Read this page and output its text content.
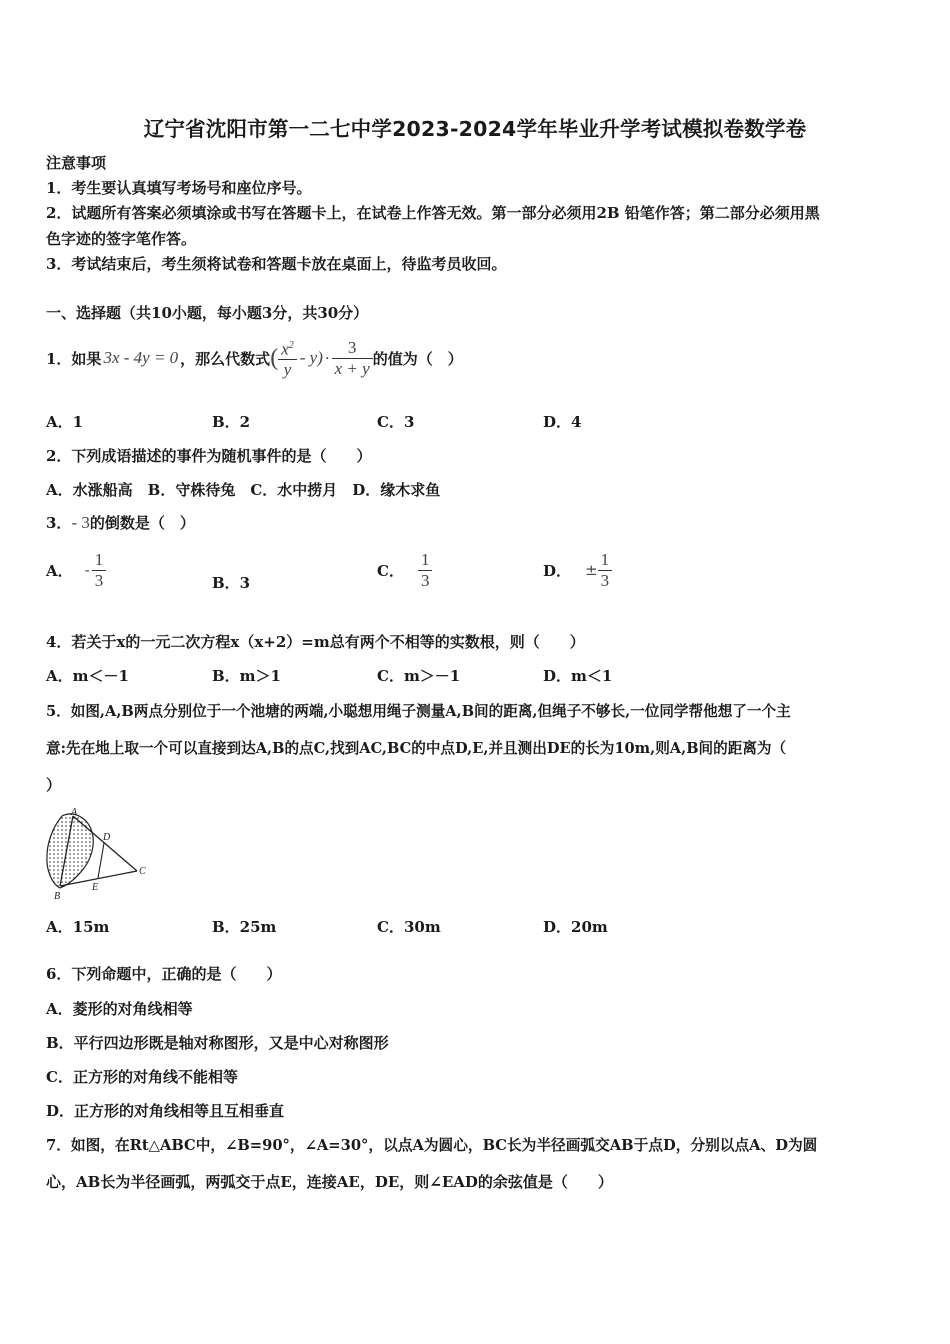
辽宁省沈阳市第一二七中学2023-2024学年毕业升学考试模拟卷数学卷
注意事项
1．考生要认真填写考场号和座位序号。
2．试题所有答案必须填涂或书写在答题卡上，在试卷上作答无效。第一部分必须用2B 铅笔作答；第二部分必须用黑
色字迹的签字笔作答。
3．考试结束后，考生须将试卷和答题卡放在桌面上，待监考员收回。
一、选择题（共10小题，每小题3分，共30分）
1．如果 3x - 4y = 0 ，那么代数式 ( $\frac{x^2}{y} - y) \cdot \frac{3}{x + y}$ 的值为（　）
A．1	B．2	C．3	D．4
2．下列成语描述的事件为随机事件的是（　　）
A．水涨船高　B．守株待兔　C．水中捞月　D．缘木求鱼
3．- 3的倒数是（　）
A． - $\frac{1}{3}$	B．3
C． $\frac{1}{3}$	D． ± $\frac{1}{3}$
4．若关于x的一元二次方程x（x+2）=m总有两个不相等的实数根，则（　　）
A．m＜－1	B．m＞1	C．m＞－1	D．m＜1
5．如图,A,B两点分别位于一个池塘的两端,小聪想用绳子测量A,B间的距离,但绳子不够长,一位同学帮他想了一个主
意:先在地上取一个可以直接到达A,B的点C,找到AC,BC的中点D,E,并且测出DE的长为10m,则A,B间的距离为（
）
A
B
C
D
E
A．15m	B．25m	C．30m	D．20m
6．下列命题中，正确的是（　　）
A．菱形的对角线相等
B．平行四边形既是轴对称图形，又是中心对称图形
C．正方形的对角线不能相等
D．正方形的对角线相等且互相垂直
7．如图，在Rt△ABC中，∠B=90°，∠A=30°，以点A为圆心，BC长为半径画弧交AB于点D，分别以点A、D为圆
心，AB长为半径画弧，两弧交于点E，连接AE，DE，则∠EAD的余弦值是（　　）
